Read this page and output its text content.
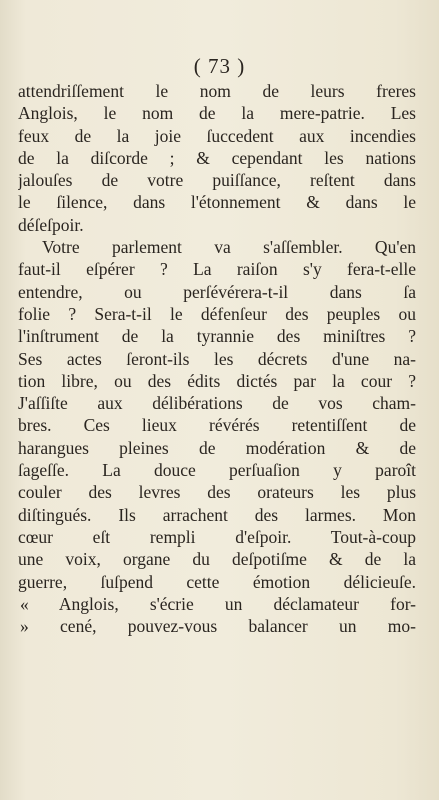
( 73 )
attendriſſement le nom de leurs freres
Anglois, le nom de la mere-patrie. Les
feux de la joie ſuccedent aux incendies
de la diſcorde ; & cependant les nations
jalouſes de votre puiſſance, reſtent dans
le ſilence, dans l'étonnement & dans le
déſeſpoir.
Votre parlement va s'aſſembler. Qu'en
faut-il eſpérer ? La raiſon s'y fera-t-elle
entendre, ou perſévérera-t-il dans ſa
folie ? Sera-t-il le défenſeur des peuples ou
l'inſtrument de la tyrannie des miniſtres ?
Ses actes ſeront-ils les décrets d'une na-
tion libre, ou des édits dictés par la cour ?
J'aſſiſte aux délibérations de vos cham-
bres. Ces lieux révérés retentiſſent de
harangues pleines de modération & de
ſageſſe. La douce perſuaſion y paroît
couler des levres des orateurs les plus
diſtingués. Ils arrachent des larmes. Mon
cœur eſt rempli d'eſpoir. Tout-à-coup
une voix, organe du deſpotiſme & de la
guerre, ſuſpend cette émotion délicieuſe.
« Anglois, s'écrie un déclamateur for-
» cené, pouvez-vous balancer un mo-
